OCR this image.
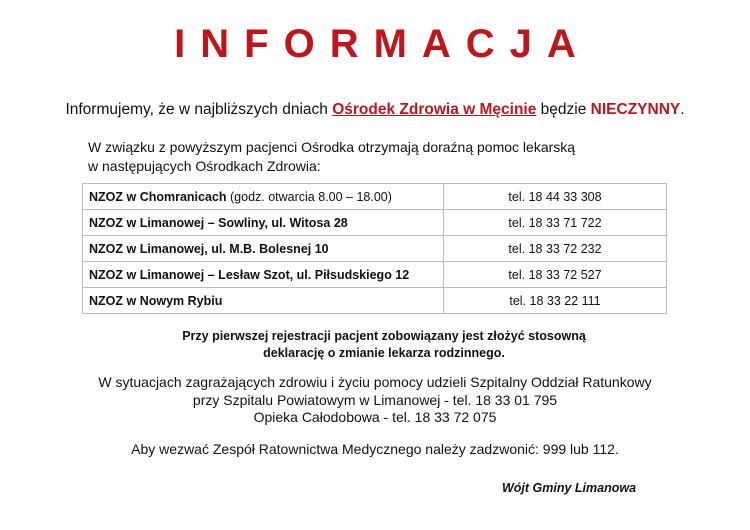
INFORMACJA
Informujemy, że w najbliższych dniach Ośrodek Zdrowia w Męcinie będzie NIECZYNNY.
W związku z powyższym pacjenci Ośrodka otrzymają doraźną pomoc lekarską
w następujących Ośrodkach Zdrowia:
NZOZ w Chomranicach (godz. otwarcia 8.00 – 18.00)	tel. 18 44 33 308
NZOZ w Limanowej – Sowliny, ul. Witosa 28	tel. 18 33 71 722
NZOZ w Limanowej, ul. M.B. Bolesnej 10	tel. 18 33 72 232
NZOZ w Limanowej – Lesław Szot, ul. Piłsudskiego 12	tel. 18 33 72 527
NZOZ w Nowym Rybiu	tel. 18 33 22 111
Przy pierwszej rejestracji pacjent zobowiązany jest złożyć stosowną
deklarację o zmianie lekarza rodzinnego.
W sytuacjach zagrażających zdrowiu i życiu pomocy udzieli Szpitalny Oddział Ratunkowy
przy Szpitalu Powiatowym w Limanowej - tel. 18 33 01 795
Opieka Całodobowa - tel. 18 33 72 075
Aby wezwać Zespół Ratownictwa Medycznego należy zadzwonić: 999 lub 112.
Wójt Gminy Limanowa
